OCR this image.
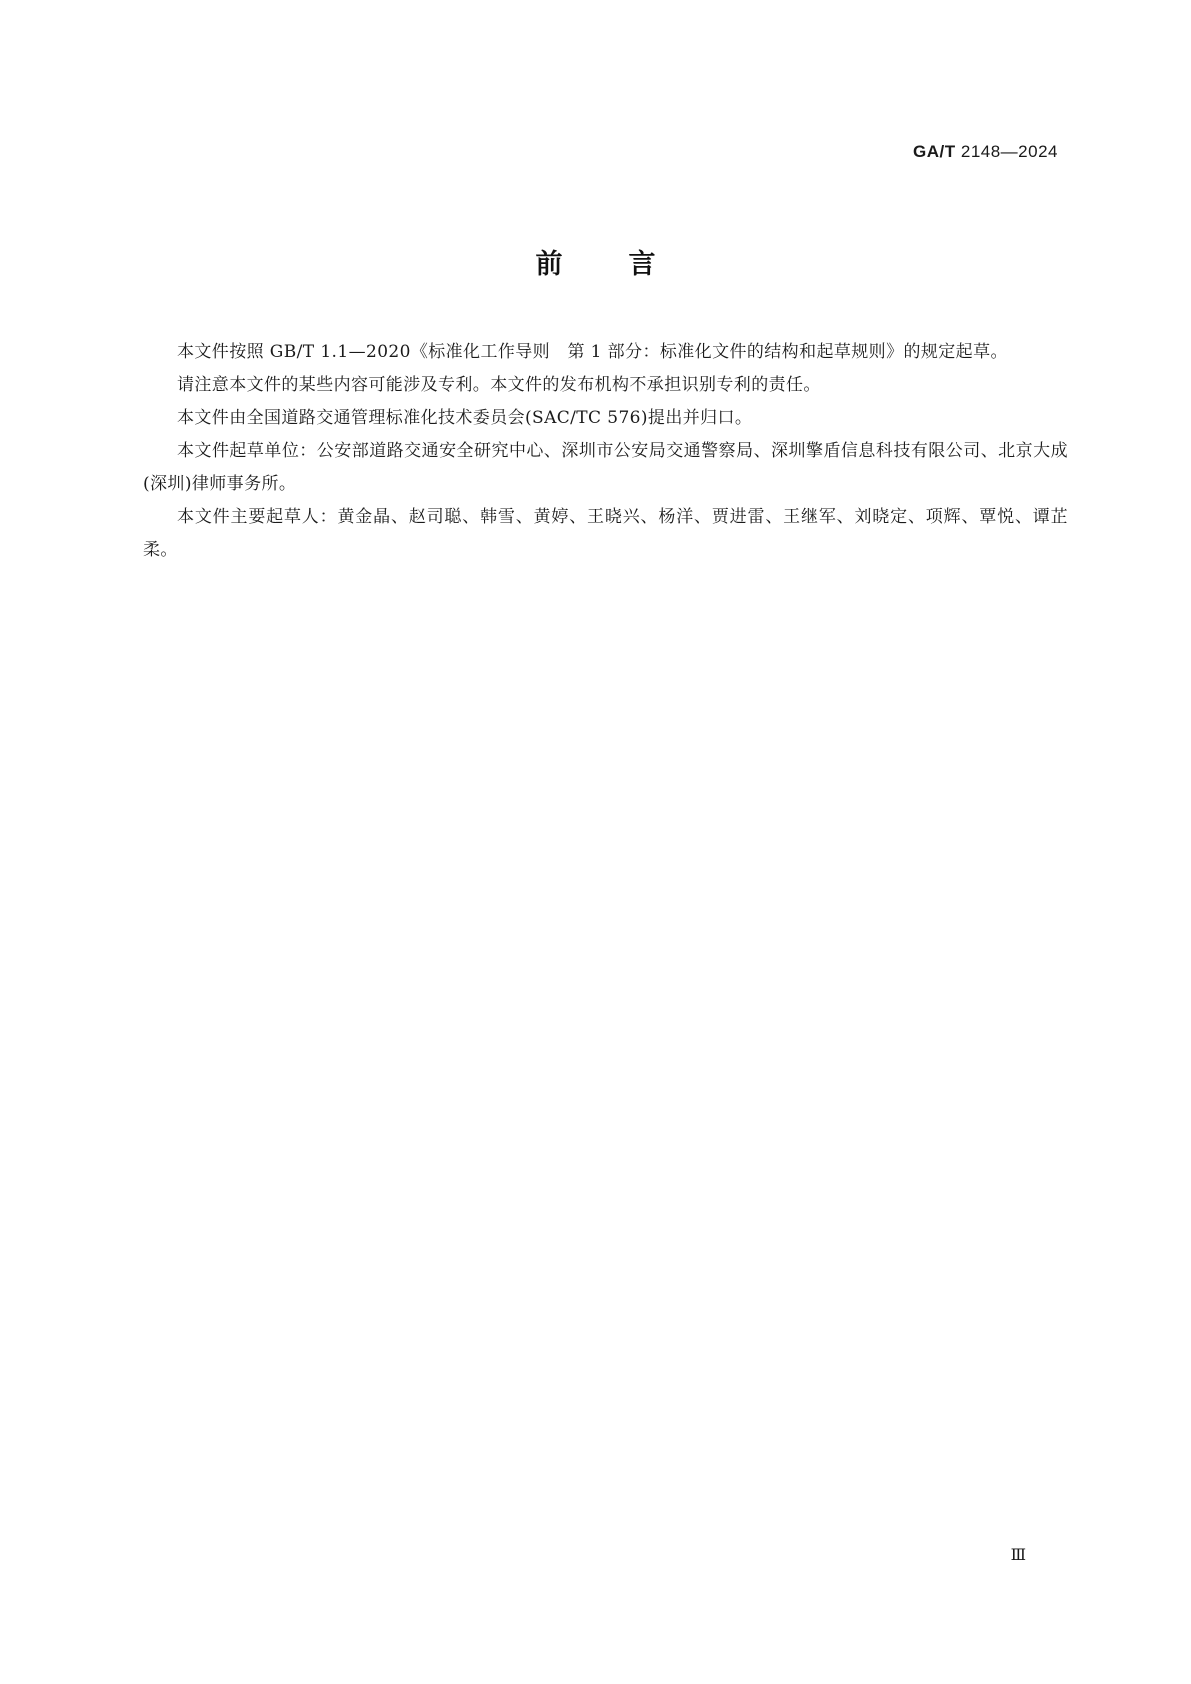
GA/T 2148—2024
前言

本文件按照 GB/T 1.1—2020《标准化工作导则　第 1 部分：标准化文件的结构和起草规则》的规定起草。

请注意本文件的某些内容可能涉及专利。本文件的发布机构不承担识别专利的责任。

本文件由全国道路交通管理标准化技术委员会(SAC/TC 576)提出并归口。

本文件起草单位：公安部道路交通安全研究中心、深圳市公安局交通警察局、深圳擎盾信息科技有限公司、北京大成(深圳)律师事务所。

本文件主要起草人：黄金晶、赵司聪、韩雪、黄婷、王晓兴、杨洋、贾进雷、王继军、刘晓定、项辉、覃悦、谭芷柔。

Ⅲ
